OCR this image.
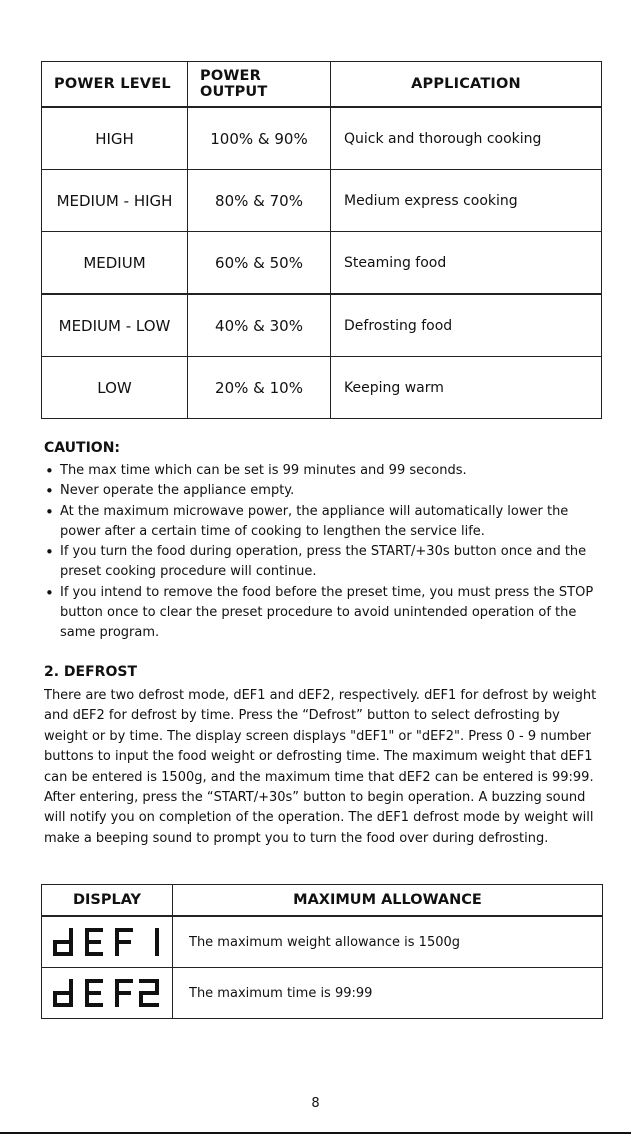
POWER LEVEL	POWER OUTPUT	APPLICATION
HIGH	100% & 90%	Quick and thorough cooking
MEDIUM - HIGH	80% & 70%	Medium express cooking
MEDIUM	60% & 50%	Steaming food
MEDIUM - LOW	40% & 30%	Defrosting food
LOW	20% & 10%	Keeping warm
CAUTION:
• The max time which can be set is 99 minutes and 99 seconds.
• Never operate the appliance empty.
• At the maximum microwave power, the appliance will automatically lower the power after a certain time of cooking to lengthen the service life.
• If you turn the food during operation, press the START/+30s button once and the preset cooking procedure will continue.
• If you intend to remove the food before the preset time, you must press the STOP button once to clear the preset procedure to avoid unintended operation of the same program.
2. DEFROST

There are two defrost mode, dEF1 and dEF2, respectively. dEF1 for defrost by weight and dEF2 for defrost by time. Press the “Defrost” button to select defrosting by weight or by time. The display screen displays "dEF1" or "dEF2". Press 0 - 9 number buttons to input the food weight or defrosting time. The maximum weight that dEF1 can be entered is 1500g, and the maximum time that dEF2 can be entered is 99:99. After entering, press the “START/+30s” button to begin operation. A buzzing sound will notify you on completion of the operation. The dEF1 defrost mode by weight will make a beeping sound to prompt you to turn the food over during defrosting.

DISPLAY	MAXIMUM ALLOWANCE

	The maximum weight allowance is 1500g

	The maximum time is 99:99
8
